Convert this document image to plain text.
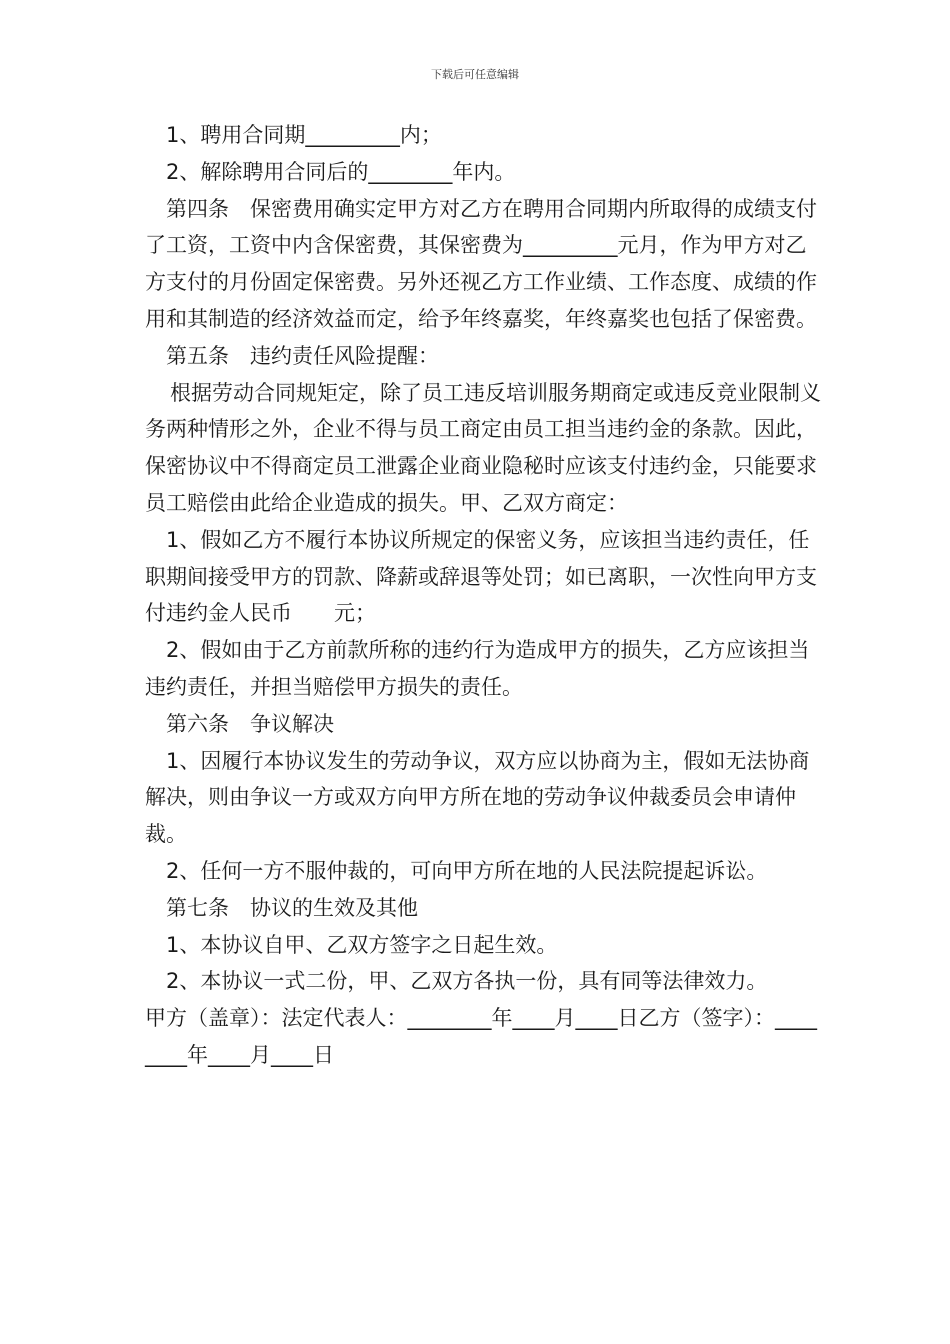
下载后可任意编辑

1、聘用合同期_________内；

2、解除聘用合同后的________年内。

第四条　保密费用确实定甲方对乙方在聘用合同期内所取得的成绩支付了工资，工资中内含保密费，其保密费为_________元月，作为甲方对乙方支付的月份固定保密费。另外还视乙方工作业绩、工作态度、成绩的作用和其制造的经济效益而定，给予年终嘉奖，年终嘉奖也包括了保密费。

第五条　违约责任风险提醒：

根据劳动合同规矩定，除了员工违反培训服务期商定或违反竞业限制义务两种情形之外，企业不得与员工商定由员工担当违约金的条款。因此，保密协议中不得商定员工泄露企业商业隐秘时应该支付违约金，只能要求员工赔偿由此给企业造成的损失。甲、乙双方商定：

1、假如乙方不履行本协议所规定的保密义务，应该担当违约责任，任职期间接受甲方的罚款、降薪或辞退等处罚；如已离职，一次性向甲方支付违约金人民币　　元；

2、假如由于乙方前款所称的违约行为造成甲方的损失，乙方应该担当违约责任，并担当赔偿甲方损失的责任。

第六条　争议解决

1、因履行本协议发生的劳动争议，双方应以协商为主，假如无法协商解决，则由争议一方或双方向甲方所在地的劳动争议仲裁委员会申请仲裁。

2、任何一方不服仲裁的，可向甲方所在地的人民法院提起诉讼。

第七条　协议的生效及其他

1、本协议自甲、乙双方签字之日起生效。

2、本协议一式二份，甲、乙双方各执一份，具有同等法律效力。

甲方（盖章）：法定代表人：________年____月____日乙方（签字）：________年____月____日
